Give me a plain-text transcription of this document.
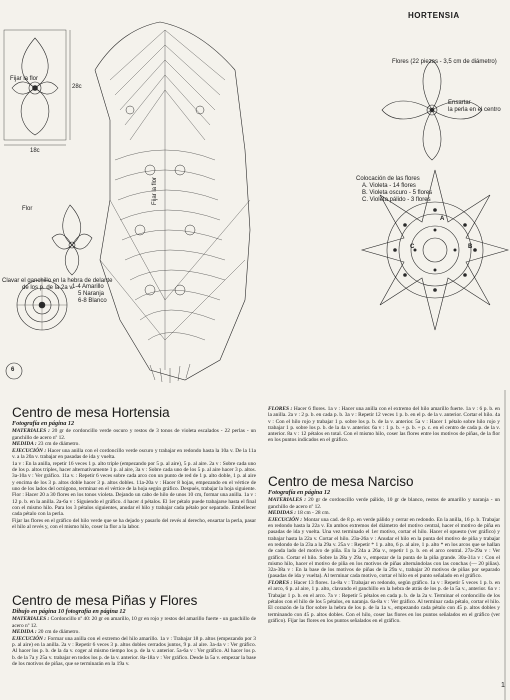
HORTENSIA
Fijar la flor
28c
18c
Flor
Clavar el ganchillo en la hebra de delante
de los p. de la 2a v.
1-4 Amarillo
5 Naranja
6-8 Blanco
Fijar la flor
6
Flores (22 piezas - 3,5 cm de diámetro)
Ensartar
la perla en el centro
Colocación de las flores
A. Violeta - 14 flores
B. Violeta oscuro - 5 flores
C. Violeta pálido - 3 flores
A
B
C
Centro de mesa Hortensia
Fotografía en página 12

MATERIALES : 20 gr de cordoncillo verde oscuro y restos de 3 tonos de violeta escalados - 22 perlas - un ganchillo de acero nº 12.

MEDIDA : 23 cm de diámetro.

EJECUCIÓN : Hacer una anilla con el cordoncillo verde oscuro y trabajar en redondo hasta la 10a v. De la 11a v. a la 20a v. trabajar en pasadas de ida y vuelta.

1a v : En la anilla, repetir 16 veces 1 p. alto triple (empezando por 5 p. al aire), 5 p. al aire. 2a v : Sobre cada uno de los p. altos triples, hacer alternativamente 1 p. al aire, 3a v : Sobre cada uno de los 5 p. al aire hacer 3 p. altos. 3a-10a v : Ver gráfico. 11a v. : Repetir 6 veces sobre cada arco con un punto de red de 1 p. alto doble, 1 p. al aire y encima de los 3 p. altos doble hacer 3 p. altos dobles. 11a-20a v : Hacer 8 hojas, empezando en el vértice de uno de los lados del octógono, terminar en el vértice de la hoja según gráfico. Después, trabajar la hoja siguiente.

Flor : Hacer 20 a 30 flores en los tonos violeta. Dejando un cabo de hilo de unos 10 cm, formar una anilla. 1a v : 12 p. b. en la anilla. 2a-6a v : Siguiendo el gráfico. 4 hacer 4 pétalos. El 1er pétalo puede trabajarse hasta el final con el mismo hilo. Para los 3 pétalos siguientes, anudar el hilo y trabajar cada pétalo por separado. Embellecer cada pétalo con la perla.

Fijar las flores en el gráfico del hilo verde que se ha dejado y pasarlo del revés al derecho, ensartar la perla, pasar el hilo al revés y, con el mismo hilo, coser la flor a la labor.

Centro de mesa Piñas y Flores
Dibujo en página 10 fotografía en página 12

MATERIALES : Cordoncillo nº 40: 20 gr en amarillo, 10 gr en rojo y restos del amarillo fuerte - un ganchillo de acero nº 12.

MEDIDA : 20 cm de diámetro.

EJECUCIÓN : Formar una anilla con el extremo del hilo amarillo. 1a v : Trabajar 18 p. altos (empezando por 3 p. al aire) en la anilla. 2a v : Repetir 6 veces 3 p. altos dobles cerrados juntos, 9 p. al aire. 3a-4a v : Ver gráfico. Al hacer los p. b. de la 4a v. coger al mismo tiempo los p. de la v. anterior. 5a-6a v : Ver gráfico. Al hacer los p. b. de la 7a y 25a v. trabajar en todos los p. de la v. anterior. 8a-18a v : Ver gráfico. Desde la 5a v. empezar la base de los motivos de piñas, que se terminarán en la 19a v.

FLORES : Hacer 6 flores. 1a v : Hacer una anilla con el extremo del hilo amarillo fuerte. 1a v : 6 p. b. en la anilla. 2a v : 2 p. b. en cada p. b. 3a v : Repetir 12 veces 1 p. b. en el p. de la v. anterior. Cortar el hilo. 4a v : Con el hilo rojo y trabajar 1 p. sobre los p. b. de la v. anterior. 5a v : Hacer 1 pétalo sobre hilo rojo y trabajar 1 p. sobre los p. b. de la 4a v. anterior. 6a v : 1 p. b. + p. b. + p. c. en el centro de cada p. de la v. anterior. 8a v : 12 pétalos en total. Con el mismo hilo, coser las flores entre los motivos de piñas, de la flor en los puntos indicados en el gráfico.

Centro de mesa Narciso
Fotografía en página 12

MATERIALES : 20 gr de cordoncillo verde pálido, 10 gr de blanco, restos de amarillo y naranja - un ganchillo de acero nº 12.

MEDIDAS : 18 cm - 28 cm.

EJECUCIÓN : Montar una cad. de 8 p. en verde pálido y cerrar en redondo. En la anilla, 16 p. b. Trabajar en redondo hasta la 22a v. En ambos extremos del diámetro del motivo central, hacer el motivo de piña en pasadas de ida y vuelta. Una vez terminado el 1er motivo, cortar el hilo. Hacer el opuesto (ver gráfico) y trabajar hasta la 22a v. Cortar el hilo. 23a-26a v : Anudar el hilo en la punta del motivo de piña y trabajar en redondo de la 23a a la 29a v. 25a v : Repetir * 1 p. alto, 6 p. al aire, 1 p. alto * en los arcos que se hallan de cada lado del motivo de piña. En la 24a a 26a v., repetir 1 p. b. en el arco central. 27a-29a v : Ver gráfico. Cortar el hilo. Sobre la 28a y 29a v., empezar de la punta de la piña grande. 30a-31a v : Con el mismo hilo, hacer el motivo de piña en los motivos de piñas alternándolas con las conchas (— 20 piñas). 32a-38a v : En la base de los motivos de piñas de la 29a v., trabajar 20 motivos de piñas por separado (pasadas de ida y vuelta). Al terminar cada motivo, cortar el hilo en el punto señalado en el gráfico.

FLORES : Hacer 13 flores. 1a-8a v : Trabajar en redondo, según gráfico. 1a v : Repetir 5 veces 1 p. b. en el arco, 6 p. al aire, 1 p. alto, clavando el ganchillo en la hebra de atrás de los p. de la 5a v., anterior. 6a v : Trabajar 1 p. b. en el arco. 7a v : Repetir 5 pétalos en cada p. b. de la 2a v. Terminar el cordoncillo de los pétalos con el hilo de los 5 pétalos, en naranja. 6a-8a v : Ver gráfico. Al terminar cada pétalo, cortar el hilo. El corazón de la flor sobre la hebra de los p. de la 1a v., empezando cada pétalo con 45 p. altos dobles y terminando con 45 p. altos dobles. Con el hilo, coser las flores en los puntos señalados en el gráfico (ver gráfico). Fijar las flores en los puntos señalados en el gráfico.

1
